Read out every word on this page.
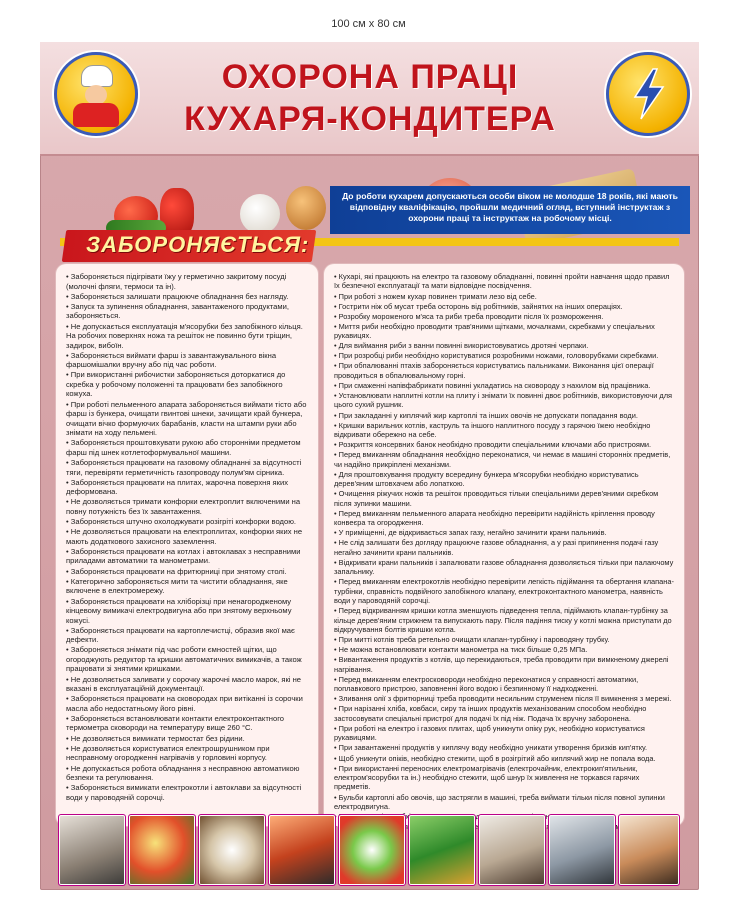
100 см х 80 см
ОХОРОНА ПРАЦІ
КУХАРЯ-КОНДИТЕРА
ЗАБОРОНЯЄТЬСЯ:
До роботи кухарем допускаються особи віком не молодше 18 років, які мають відповідну кваліфікацію, пройшли медичний огляд, вступний інструктаж з охорони праці та інструктаж на робочому місці.
• Забороняється підігрівати їжу у герметично закритому посуді (молочні фляги, термоси та ін).
• Забороняється залишати працююче обладнання без нагляду.
• Запуск та зупинення обладнання, завантаженого продуктами, забороняється.
• Не допускається експлуатація м'ясорубки без запобіжного кільця. На робочих поверхнях ножа та решіток не повинно бути тріщин, задирок, вибоїн.
• Забороняється виймати фарш із завантажувального вікна фаршомішалки вручну або під час роботи.
• При використанні рибочистки забороняється доторкатися до скребка у робочому положенні та працювати без запобіжного кожуха.
• При роботі пельменного апарата забороняється виймати тісто або фарш із бункера, очищати гвинтові шнеки, зачищати край бункера, очищати вічко формуючих барабанів, класти на штампи руки або знімати на ходу пельмені.
• Забороняється проштовхувати рукою або сторонніми предметом фарш під шнек котлетоформувальної машини.
• Забороняється працювати на газовому обладнанні за відсутності тяги, перевіряти герметичність газопроводу полум'ям сірника.
• Забороняється працювати на плитах, жарочна поверхня яких деформована.
• Не дозволяється тримати конфорки електроплит включеними на повну потужність без їх завантаження.
• Забороняється штучно охолоджувати розігріті конфорки водою.
• Не дозволяється працювати на електроплитах, конфорки яких не мають додаткового захисного заземлення.
• Забороняється працювати на котлах і автоклавах з несправними приладами автоматики та манометрами.
• Забороняється працювати на фритюрниці при знятому столі.
• Категорично забороняється мити та чистити обладнання, яке включене в електромережу.
• Забороняється працювати на хліборізці при ненагородженому кінцевому вимикачі електродвигуна або при знятому верхньому кожусі.
• Забороняється працювати на картоплечистці, образив якої має дефекти.
• Забороняється знімати під час роботи ємностей щітки, що огороджують редуктор та кришки автоматичних вимикачів, а також працювати зі знятими кришками.
• Не дозволяється заливати у сорочку жарочні масло марок, які не вказані в експлуатаційній документації.
• Забороняється працювати на сковородах при витіканні із сорочки масла або недостатньому його рівні.
• Забороняється встановлювати контакти електроконтактного термометра сковороди на температуру вище 260 °С.
• Не дозволяється вимикати термостат без рідини.
• Не дозволяється користуватися електрошрушником при несправному огородженні нагрівачів у горловині корпусу.
• Не допускається робота обладнання з несправною автоматикою безпеки та регулювання.
• Забороняється вимикати електрокотли і автоклави за відсутності води у пароводяній сорочці.
• Кухарі, які працюють на електро та газовому обладнанні, повинні пройти навчання щодо правил їх безпечної експлуатації та мати відповідне посвідчення.
• При роботі з ножем кухар повинен тримати лезо від себе.
• Гострити ніж об мусат треба осторонь від робітників, зайнятих на інших операціях.
• Розробку мороженого м'яса та риби треба проводити після їх розмороження.
• Миття риби необхідно проводити трав'яними щітками, мочалками, скребками у спеціальних рукавицях.
• Для виймання риби з ванни повинні використовуватись дротяні черпаки.
• При розробці риби необхідно користуватися розробними ножами, головорубками скребками.
• При обпалюванні птахів забороняється користуватись пальниками. Виконання цієї операції проводиться в обпалювальному горні.
• При смаженні напівфабрикати повинні укладатись на сковороду з нахилом від працівника.
• Установлювати наплитні котли на плиту і знімати їх повинні двоє робітників, використовуючи для цього сухий рушник.
• При закладанні у киплячий жир картоплі та інших овочів не допускати попадання води.
• Кришки варильних котлів, каструль та іншого наплитного посуду з гарячою їжею необхідно відкривати обережно на себе.
• Розкриття консервних банок необхідно проводити спеціальними ключами або пристроями.
• Перед вмиканням обладнання необхідно переконатися, чи немає в машині сторонніх предметів, чи надійно прикріплені механізми.
• Для проштовхування продукту всередину бункера м'ясорубки необхідно користуватись дерев'яним штовхачем або лопаткою.
• Очищення ріжучих ножів та решіток проводиться тільки спеціальними дерев'яними скребком після зупинки машини.
• Перед вмиканням пельменного апарата необхідно перевірити надійність кріплення проводу конвеєра та огородження.
• У приміщенні, де відкривається запах газу, негайно зачинити крани пальників.
• Не слід залишати без догляду працююче газове обладнання, а у разі припинення подачі газу негайно зачинити крани пальників.
• Відкривати крани пальників і запалювати газове обладнання дозволяється тільки при палаючому запальнику.
• Перед вмиканням електрокотлів необхідно перевірити легкість підіймання та обертання клапана-турбінки, справність подвійного запобіжного клапану, електроконтактного манометра, наявність води у пароводяній сорочці.
• Перед відкриванням кришки котла зменшують підведення тепла, підіймають клапан-турбінку за кільце дерев'яним стрижнем та випускають пару. Після падіння тиску у котлі можна приступати до відкручування болтів кришки котла.
• При митті котлів треба ретельно очищати клапан-турбінку і пароводяну трубку.
• Не можна встановлювати контакти манометра на тиск більше 0,25 МПа.
• Вивантаження продуктів з котлів, що перекидаються, треба проводити при вимкненому джерелі нагрівання.
• Перед вмиканням електросковороди необхідно переконатися у справності автоматики, поплавкового пристрою, заповненні його водою і безпинному її надходженні.
• Зливання олії з фритюрниці треба проводити несильним струменем після її вимкнення з мережі.
• При нарізанні хліба, ковбаси, сиру та інших продуктів механізованим способом необхідно застосовувати спеціальні пристрої для подачі їх під ніж. Подача їх вручну заборонена.
• При роботі на електро і газових плитах, щоб уникнути опіку рук, необхідно користуватися рукавицями.
• При завантаженні продуктів у киплячу воду необхідно уникати утворення бризків кип'ятку.
• Щоб уникнути опіків, необхідно стежити, щоб в розігрітий або киплячий жир не попала вода.
• При використанні переносних електромагрівачів (електрочайник, електрокип'ятильник, електром'ясорубки та ін.) необхідно стежити, щоб шнур їх живлення не торкався гарячих предметів.
• Бульби картоплі або овочів, що застрягли в машині, треба виймати тільки після повної зупинки електродвигуна.
необхідно
